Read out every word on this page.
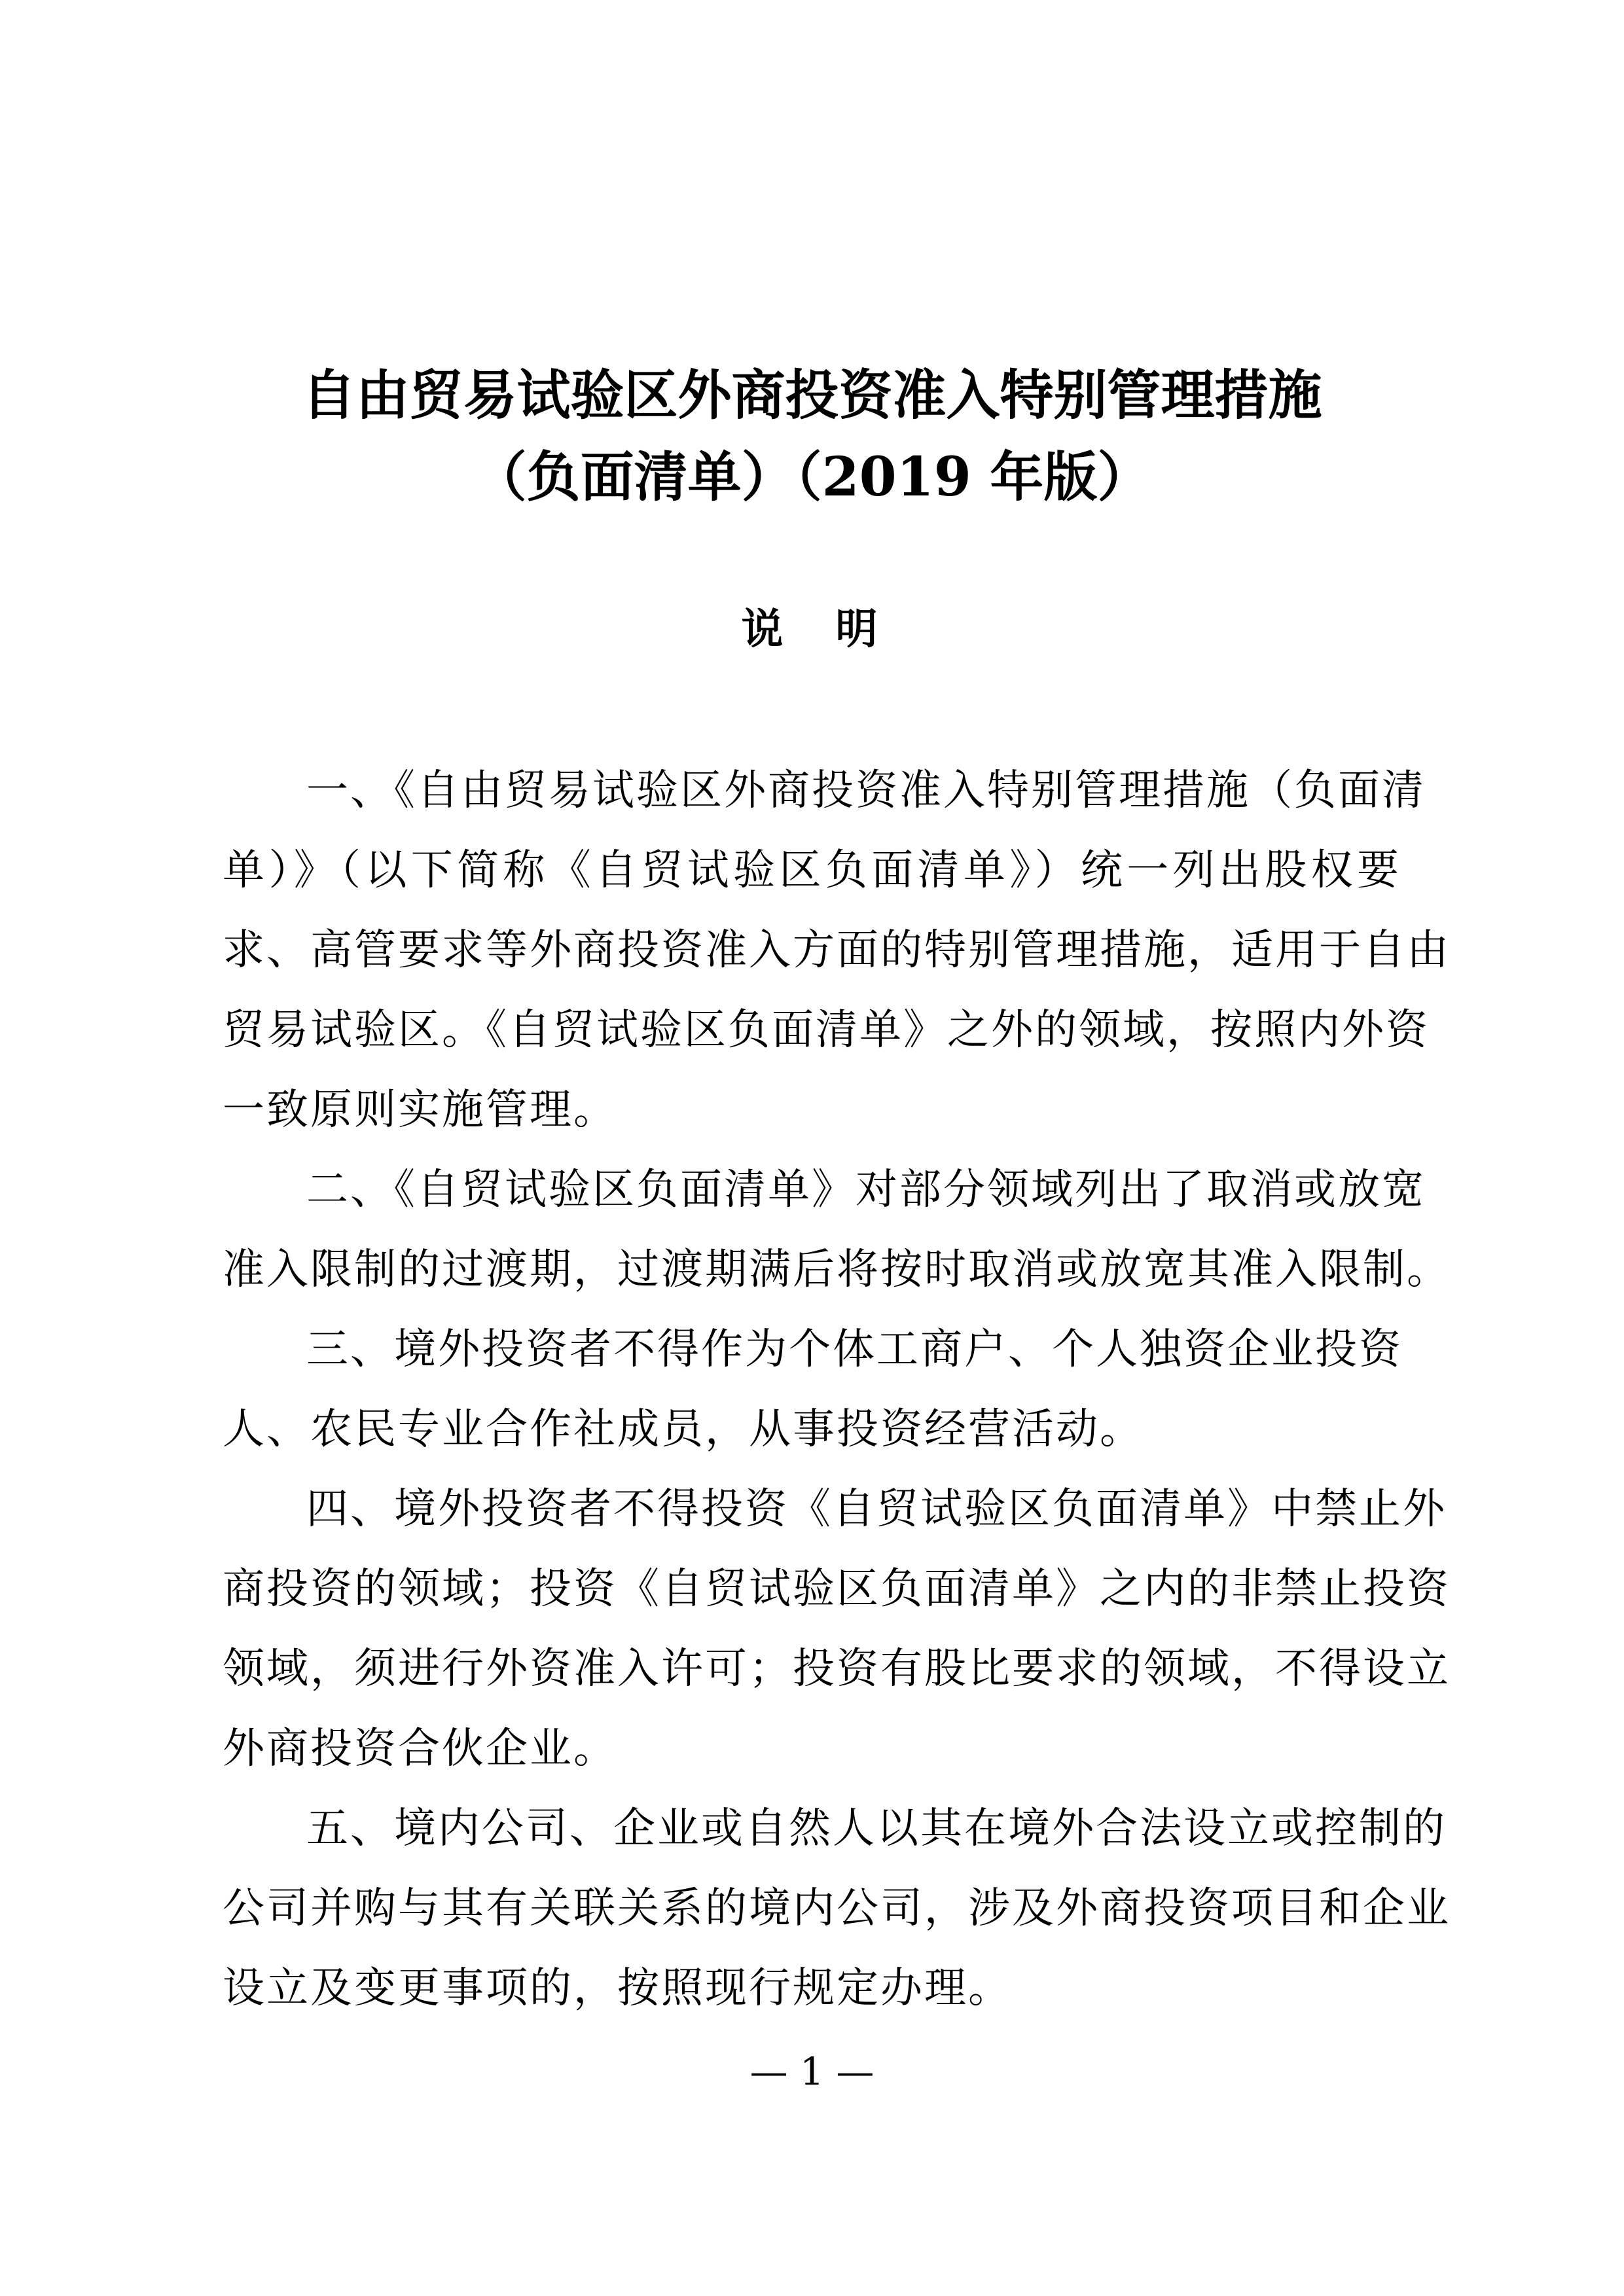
自由贸易试验区外商投资准入特别管理措施
（负面清单）（2019 年版）
说　明
一、《自由贸易试验区外商投资准入特别管理措施（负面清
单）》（以下简称《自贸试验区负面清单》）统一列出股权要
求、高管要求等外商投资准入方面的特别管理措施，适用于自由
贸易试验区。《自贸试验区负面清单》之外的领域，按照内外资
一致原则实施管理。
二、《自贸试验区负面清单》对部分领域列出了取消或放宽
准入限制的过渡期，过渡期满后将按时取消或放宽其准入限制。
三、境外投资者不得作为个体工商户、个人独资企业投资
人、农民专业合作社成员，从事投资经营活动。
四、境外投资者不得投资《自贸试验区负面清单》中禁止外
商投资的领域；投资《自贸试验区负面清单》之内的非禁止投资
领域，须进行外资准入许可；投资有股比要求的领域，不得设立
外商投资合伙企业。
五、境内公司、企业或自然人以其在境外合法设立或控制的
公司并购与其有关联关系的境内公司，涉及外商投资项目和企业
设立及变更事项的，按照现行规定办理。
— 1 —
